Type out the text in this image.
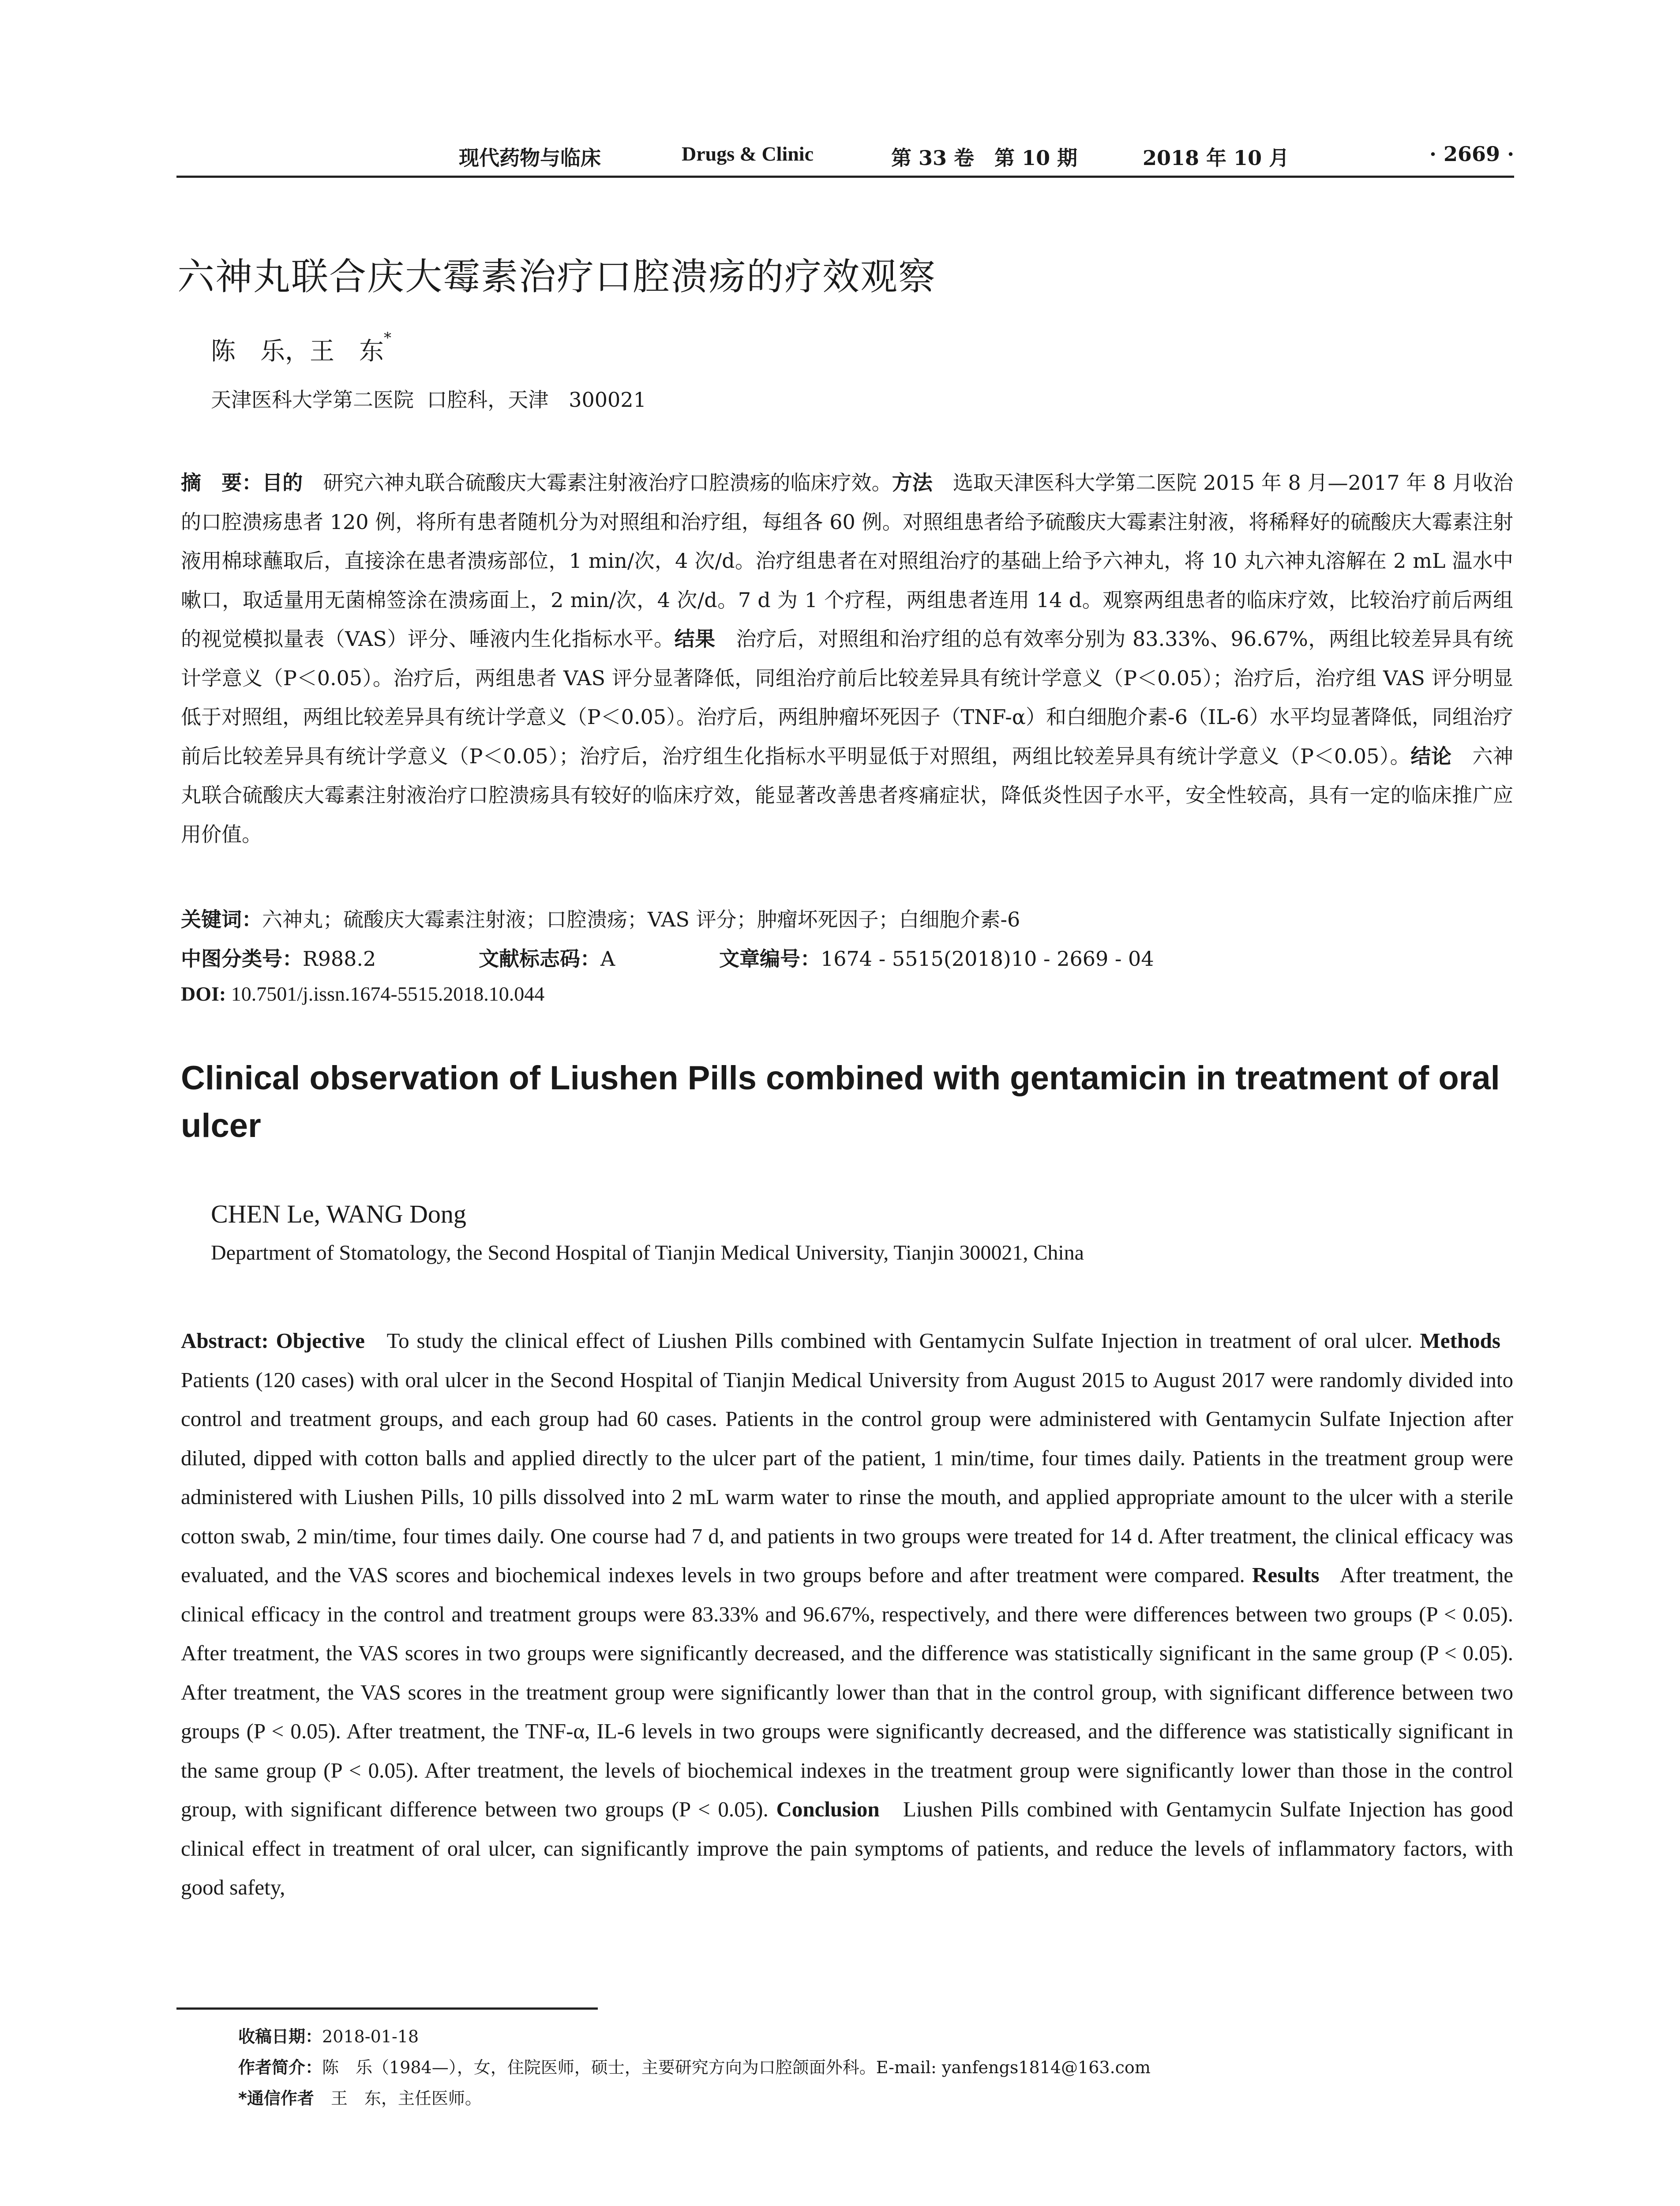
现代药物与临床	Drugs & Clinic	第 33 卷　第 10 期	2018 年 10 月	· 2669 ·
六神丸联合庆大霉素治疗口腔溃疡的疗效观察
陈　乐，王　东*
天津医科大学第二医院  口腔科，天津　300021
摘　要：目的　研究六神丸联合硫酸庆大霉素注射液治疗口腔溃疡的临床疗效。方法　选取天津医科大学第二医院 2015 年 8 月—2017 年 8 月收治的口腔溃疡患者 120 例，将所有患者随机分为对照组和治疗组，每组各 60 例。对照组患者给予硫酸庆大霉素注射液，将稀释好的硫酸庆大霉素注射液用棉球蘸取后，直接涂在患者溃疡部位，1 min/次，4 次/d。治疗组患者在对照组治疗的基础上给予六神丸，将 10 丸六神丸溶解在 2 mL 温水中嗽口，取适量用无菌棉签涂在溃疡面上，2 min/次，4 次/d。7 d 为 1 个疗程，两组患者连用 14 d。观察两组患者的临床疗效，比较治疗前后两组的视觉模拟量表（VAS）评分、唾液内生化指标水平。结果　治疗后，对照组和治疗组的总有效率分别为 83.33%、96.67%，两组比较差异具有统计学意义（P＜0.05）。治疗后，两组患者 VAS 评分显著降低，同组治疗前后比较差异具有统计学意义（P＜0.05）；治疗后，治疗组 VAS 评分明显低于对照组，两组比较差异具有统计学意义（P＜0.05）。治疗后，两组肿瘤坏死因子（TNF-α）和白细胞介素-6（IL-6）水平均显著降低，同组治疗前后比较差异具有统计学意义（P＜0.05）；治疗后，治疗组生化指标水平明显低于对照组，两组比较差异具有统计学意义（P＜0.05）。结论　六神丸联合硫酸庆大霉素注射液治疗口腔溃疡具有较好的临床疗效，能显著改善患者疼痛症状，降低炎性因子水平，安全性较高，具有一定的临床推广应用价值。
关键词：六神丸；硫酸庆大霉素注射液；口腔溃疡；VAS 评分；肿瘤坏死因子；白细胞介素-6
中图分类号：R988.2	文献标志码：A	文章编号：1674 - 5515(2018)10 - 2669 - 04
DOI: 10.7501/j.issn.1674-5515.2018.10.044
Clinical observation of Liushen Pills combined with gentamicin in treatment of oral ulcer
CHEN Le, WANG Dong
Department of Stomatology, the Second Hospital of Tianjin Medical University, Tianjin 300021, China
Abstract: Objective To study the clinical effect of Liushen Pills combined with Gentamycin Sulfate Injection in treatment of oral ulcer. Methods   Patients (120 cases) with oral ulcer in the Second Hospital of Tianjin Medical University from August 2015 to August 2017 were randomly divided into control and treatment groups, and each group had 60 cases. Patients in the control group were administered with Gentamycin Sulfate Injection after diluted, dipped with cotton balls and applied directly to the ulcer part of the patient, 1 min/time, four times daily. Patients in the treatment group were administered with Liushen Pills, 10 pills dissolved into 2 mL warm water to rinse the mouth, and applied appropriate amount to the ulcer with a sterile cotton swab, 2 min/time, four times daily. One course had 7 d, and patients in two groups were treated for 14 d. After treatment, the clinical efficacy was evaluated, and the VAS scores and biochemical indexes levels in two groups before and after treatment were compared. Results After treatment, the clinical efficacy in the control and treatment groups were 83.33% and 96.67%, respectively, and there were differences between two groups (P < 0.05). After treatment, the VAS scores in two groups were significantly decreased, and the difference was statistically significant in the same group (P < 0.05). After treatment, the VAS scores in the treatment group were significantly lower than that in the control group, with significant difference between two groups (P < 0.05). After treatment, the TNF-α, IL-6 levels in two groups were significantly decreased, and the difference was statistically significant in the same group (P < 0.05). After treatment, the levels of biochemical indexes in the treatment group were significantly lower than those in the control group, with significant difference between two groups (P < 0.05). Conclusion Liushen Pills combined with Gentamycin Sulfate Injection has good clinical effect in treatment of oral ulcer, can significantly improve the pain symptoms of patients, and reduce the levels of inflammatory factors, with good safety,
收稿日期：2018-01-18
作者简介：陈　乐（1984—），女，住院医师，硕士，主要研究方向为口腔颌面外科。E-mail: yanfengs1814@163.com
*通信作者　王　东，主任医师。
